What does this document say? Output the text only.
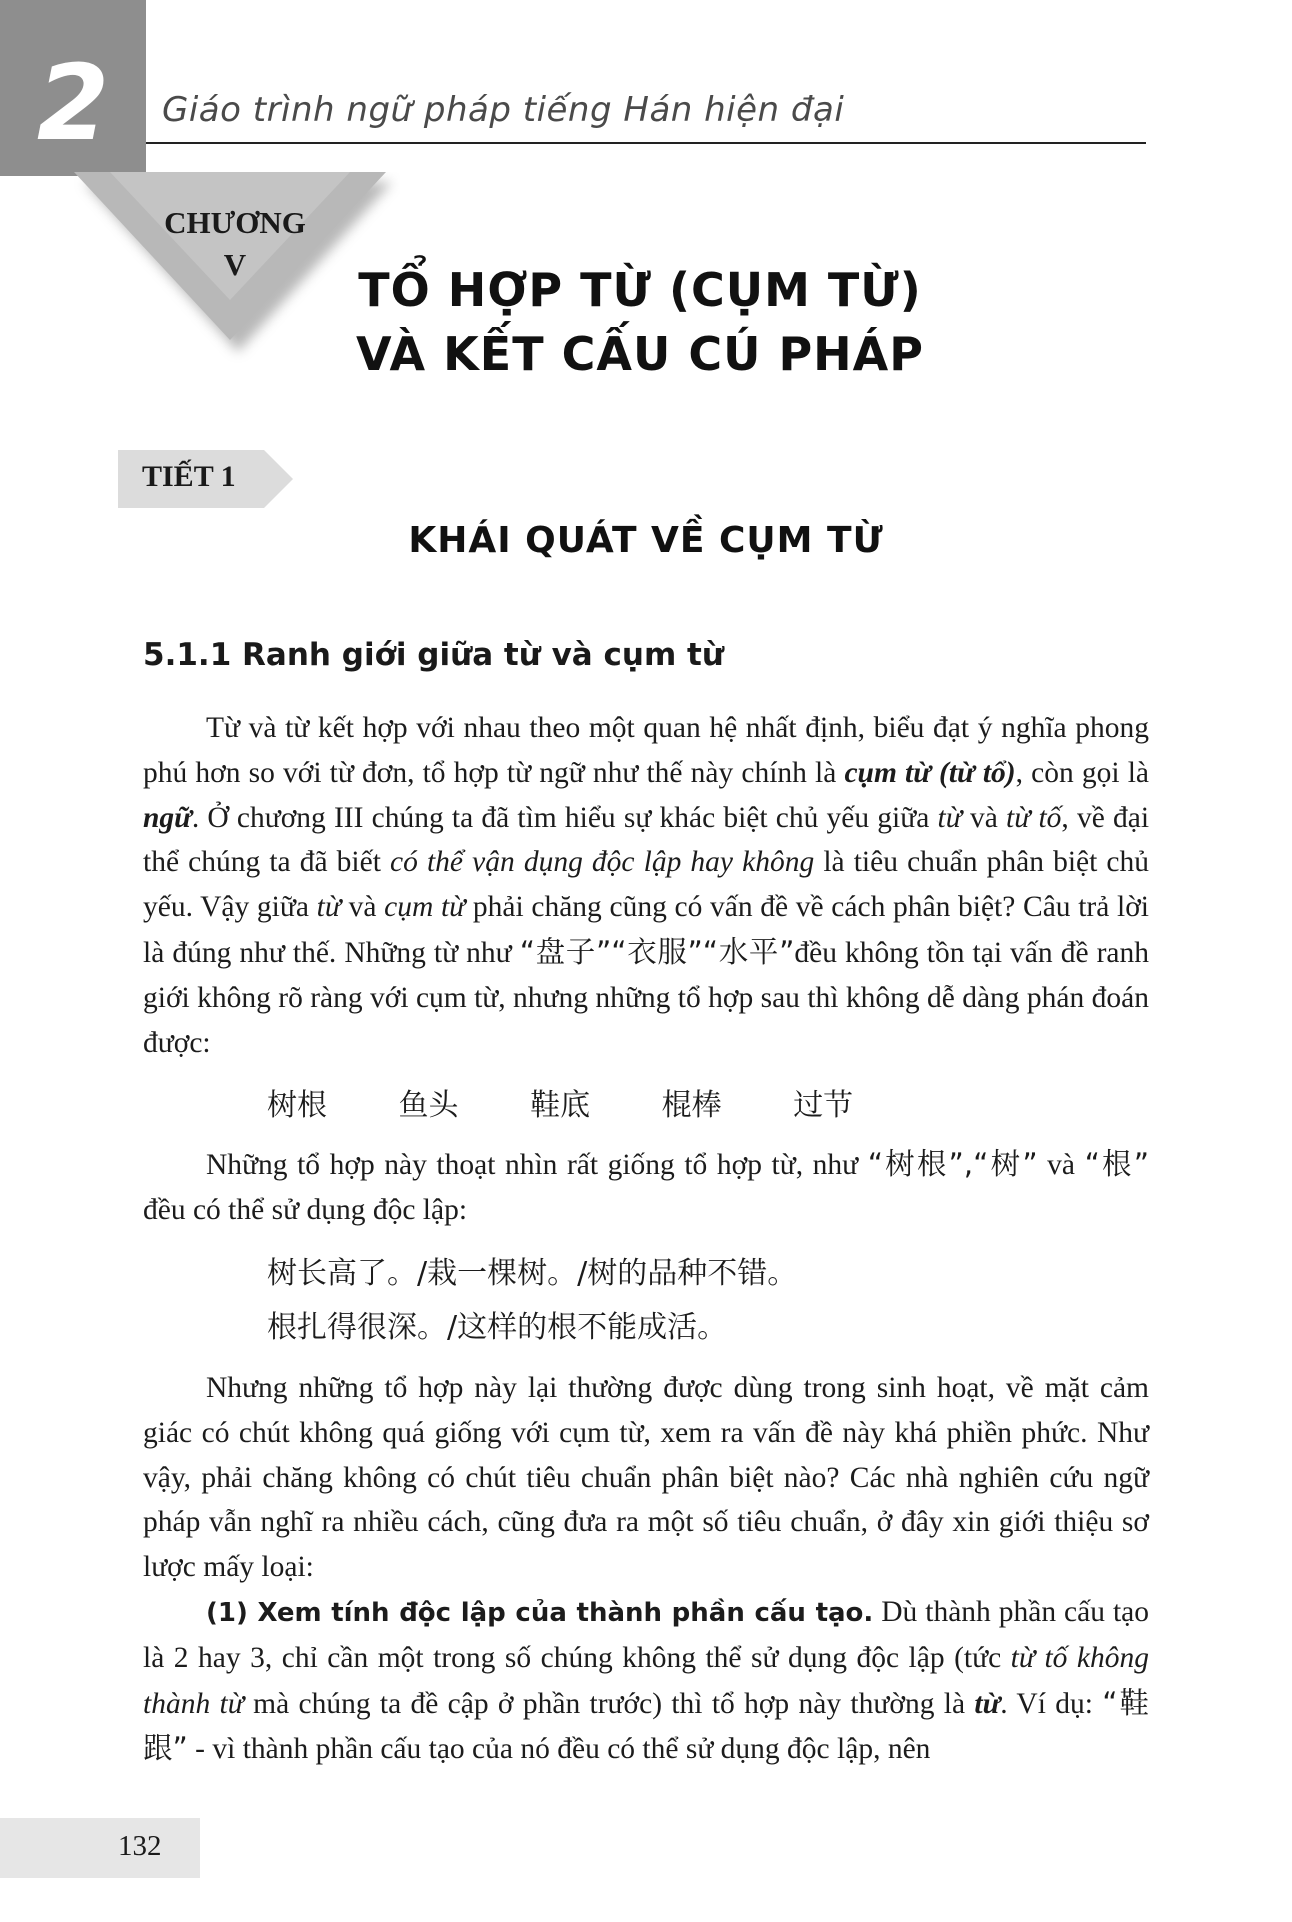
2	Giáo trình ngữ pháp tiếng Hán hiện đại
CHƯƠNG
V	TỔ HỢP TỪ (CỤM TỪ)
VÀ KẾT CẤU CÚ PHÁP
TIẾT 1
KHÁI QUÁT VỀ CỤM TỪ
5.1.1 Ranh giới giữa từ và cụm từ

Từ và từ kết hợp với nhau theo một quan hệ nhất định, biểu đạt ý nghĩa phong phú hơn so với từ đơn, tổ hợp từ ngữ như thế này chính là cụm từ (từ tổ), còn gọi là ngữ. Ở chương III chúng ta đã tìm hiểu sự khác biệt chủ yếu giữa từ và từ tố, về đại thể chúng ta đã biết có thể vận dụng độc lập hay không là tiêu chuẩn phân biệt chủ yếu. Vậy giữa từ và cụm từ phải chăng cũng có vấn đề về cách phân biệt? Câu trả lời là đúng như thế. Những từ như “盘子”“衣服”“水平”đều không tồn tại vấn đề ranh giới không rõ ràng với cụm từ, nhưng những tổ hợp sau thì không dễ dàng phán đoán được:

树根 鱼头 鞋底 棍棒 过节

Những tổ hợp này thoạt nhìn rất giống tổ hợp từ, như “树根”,“树” và “根” đều có thể sử dụng độc lập:

树长高了。/栽一棵树。/树的品种不错。
根扎得很深。/这样的根不能成活。

Nhưng những tổ hợp này lại thường được dùng trong sinh hoạt, về mặt cảm giác có chút không quá giống với cụm từ, xem ra vấn đề này khá phiền phức. Như vậy, phải chăng không có chút tiêu chuẩn phân biệt nào? Các nhà nghiên cứu ngữ pháp vẫn nghĩ ra nhiều cách, cũng đưa ra một số tiêu chuẩn, ở đây xin giới thiệu sơ lược mấy loại:

(1) Xem tính độc lập của thành phần cấu tạo. Dù thành phần cấu tạo là 2 hay 3, chỉ cần một trong số chúng không thể sử dụng độc lập (tức từ tố không thành từ mà chúng ta đề cập ở phần trước) thì tổ hợp này thường là từ. Ví dụ: “鞋跟” - vì thành phần cấu tạo của nó đều có thể sử dụng độc lập, nên

132
